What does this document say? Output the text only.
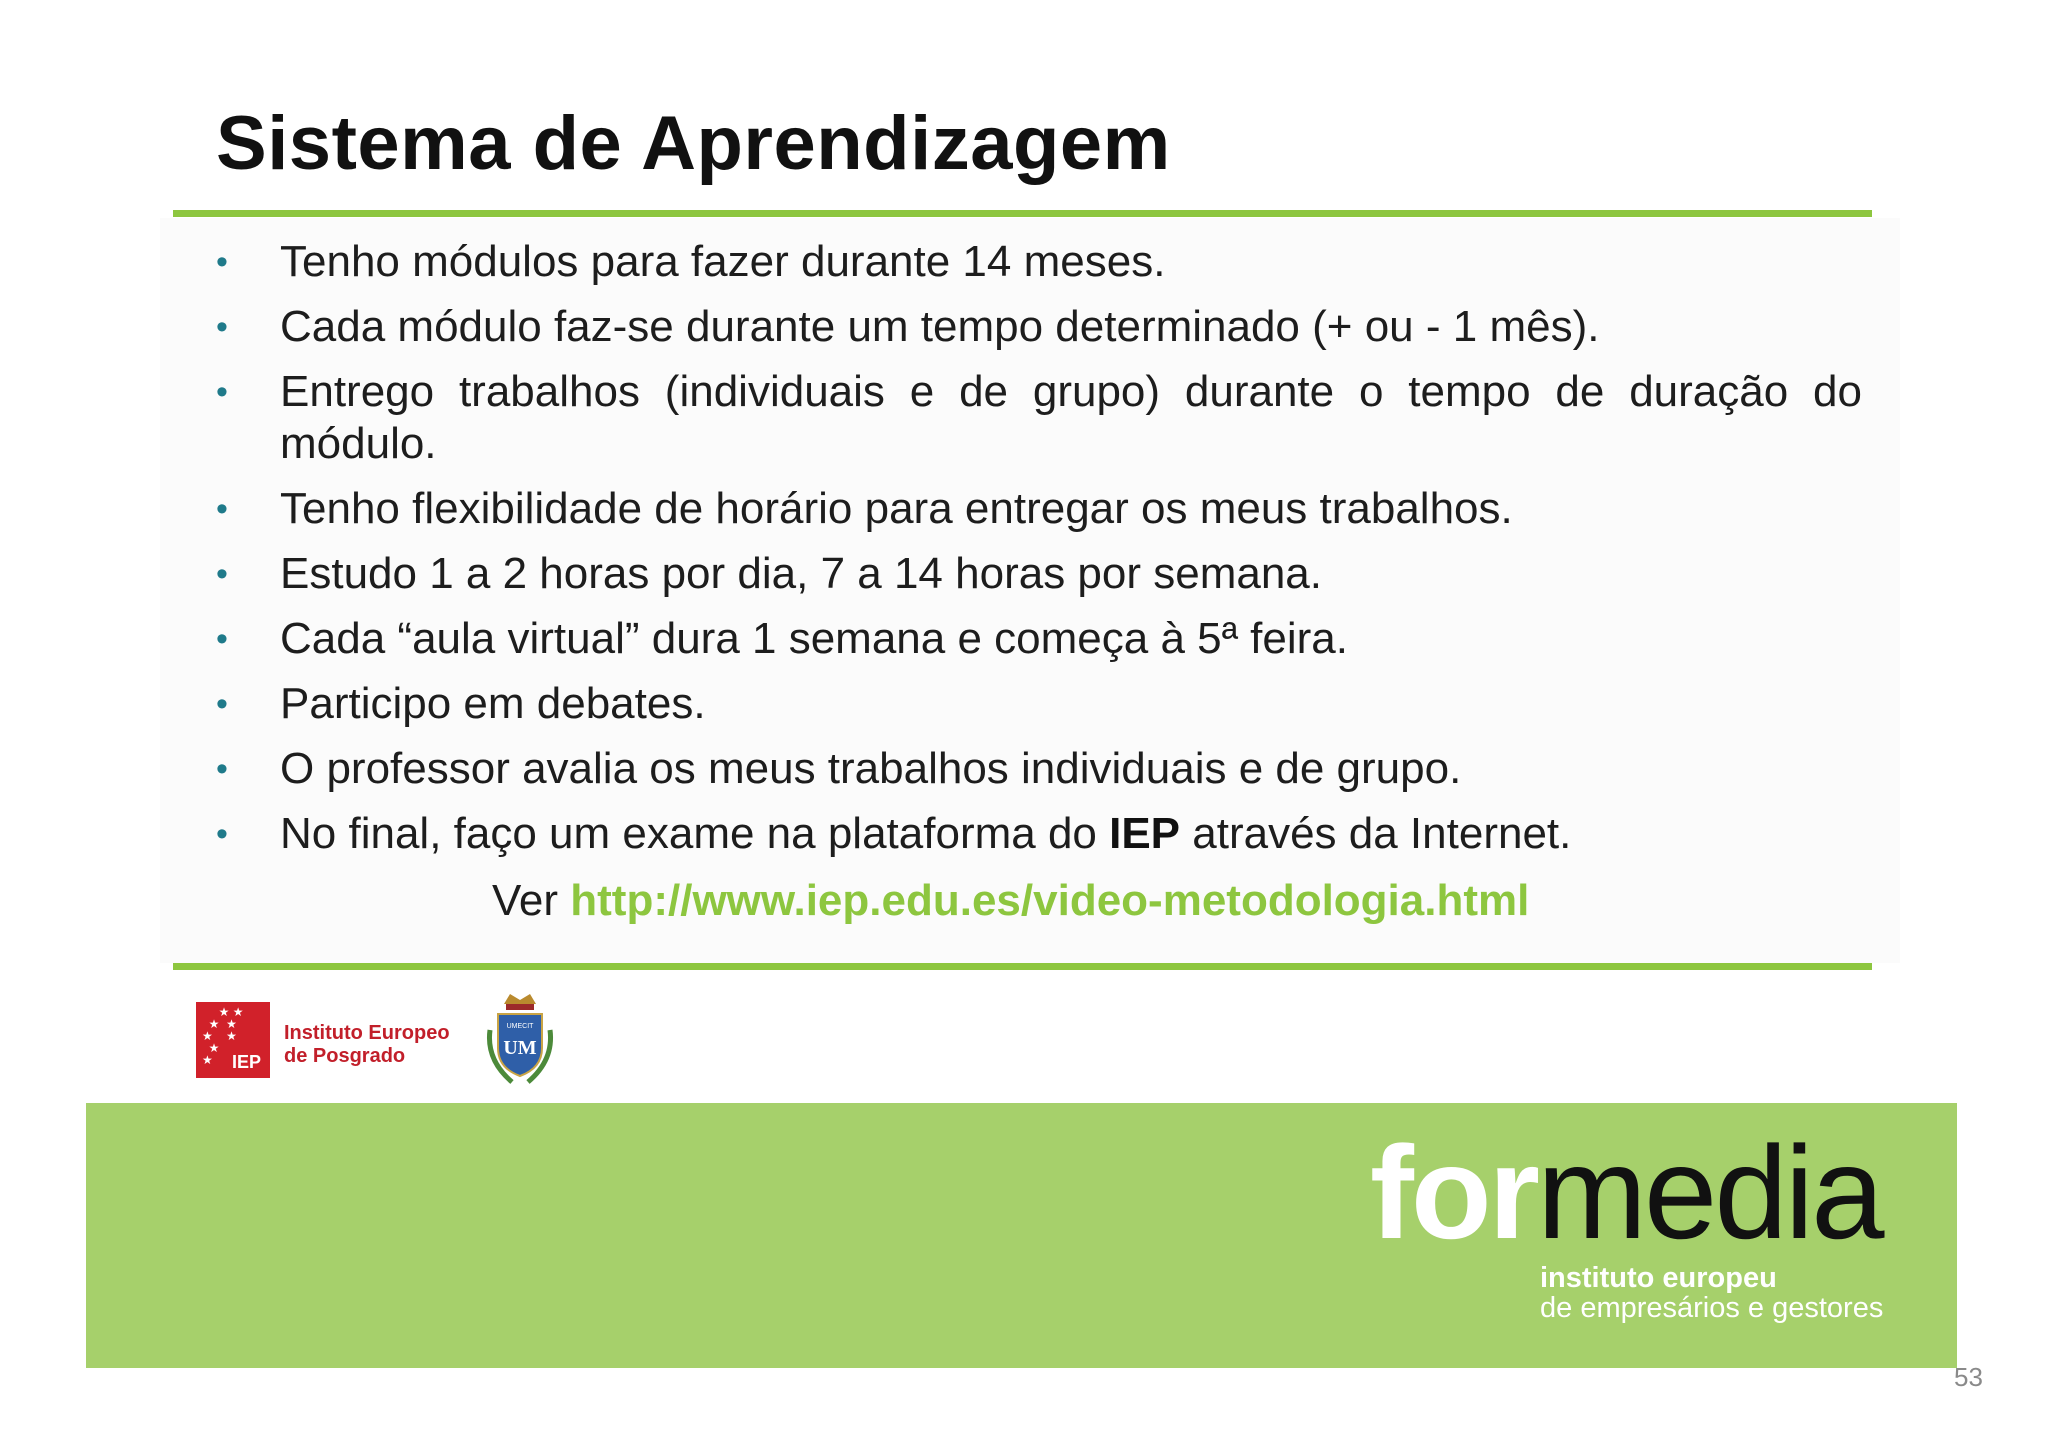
Sistema de Aprendizagem
•	Tenho módulos para fazer durante 14 meses.
•	Cada módulo faz-se durante um tempo determinado (+ ou - 1 mês).
•	Entrego trabalhos (individuais e de grupo) durante o tempo de duração do módulo.
•	Tenho flexibilidade de horário para entregar os meus trabalhos.
•	Estudo 1 a 2 horas por dia, 7 a 14 horas por semana.
•	Cada “aula virtual” dura 1 semana e começa à 5ª feira.
•	Participo em debates.
•	O professor avalia os meus trabalhos individuais e de grupo.
•	No final, faço um exame na plataforma do IEP através da Internet.
Ver http://www.iep.edu.es/video-metodologia.html
★ ★
★  ★
★    ★
★
★	IEP
Instituto Europeo
de Posgrado
UMECIT
UM
formedia
instituto europeu
de empresários e gestores
53
